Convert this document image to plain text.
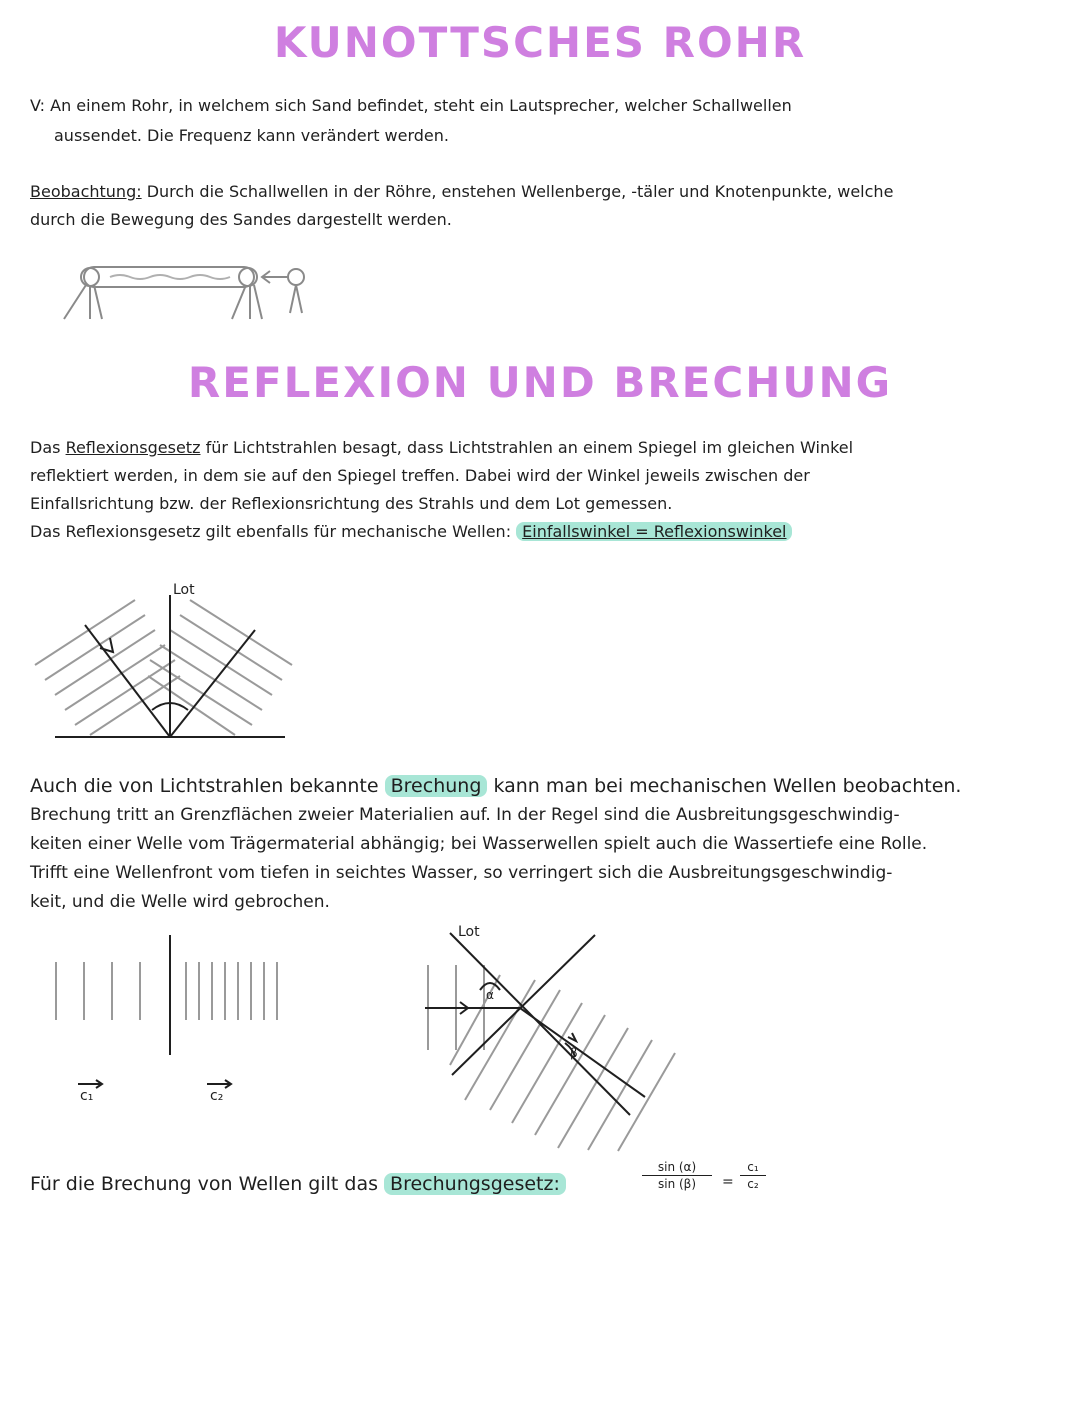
KUNOTTSCHES ROHR
REFLEXION UND BRECHUNG
V: An einem Rohr, in welchem sich Sand befindet, steht ein Lautsprecher, welcher Schallwellen
aussendet. Die Frequenz kann verändert werden.
Beobachtung: Durch die Schallwellen in der Röhre, enstehen Wellenberge, -täler und Knotenpunkte, welche
durch die Bewegung des Sandes dargestellt werden.
Das Reflexionsgesetz für Lichtstrahlen besagt, dass Lichtstrahlen an einem Spiegel im gleichen Winkel
reflektiert werden, in dem sie auf den Spiegel treffen. Dabei wird der Winkel jeweils zwischen der
Einfallsrichtung bzw. der Reflexionsrichtung des Strahls und dem Lot gemessen.
Das Reflexionsgesetz gilt ebenfalls für mechanische Wellen: Einfallswinkel = Reflexionswinkel
Lot
Auch die von Lichtstrahlen bekannte Brechung kann man bei mechanischen Wellen beobachten.
Brechung tritt an Grenzflächen zweier Materialien auf. In der Regel sind die Ausbreitungsgeschwindig-
keiten einer Welle vom Trägermaterial abhängig; bei Wasserwellen spielt auch die Wassertiefe eine Rolle.
Trifft eine Wellenfront vom tiefen in seichtes Wasser, so verringert sich die Ausbreitungsgeschwindig-
keit, und die Welle wird gebrochen.
c₁	c₂
Lot
α
β
Für die Brechung von Wellen gilt das Brechungsgesetz:
sin (α)
sin (β)	=
c₁
c₂
